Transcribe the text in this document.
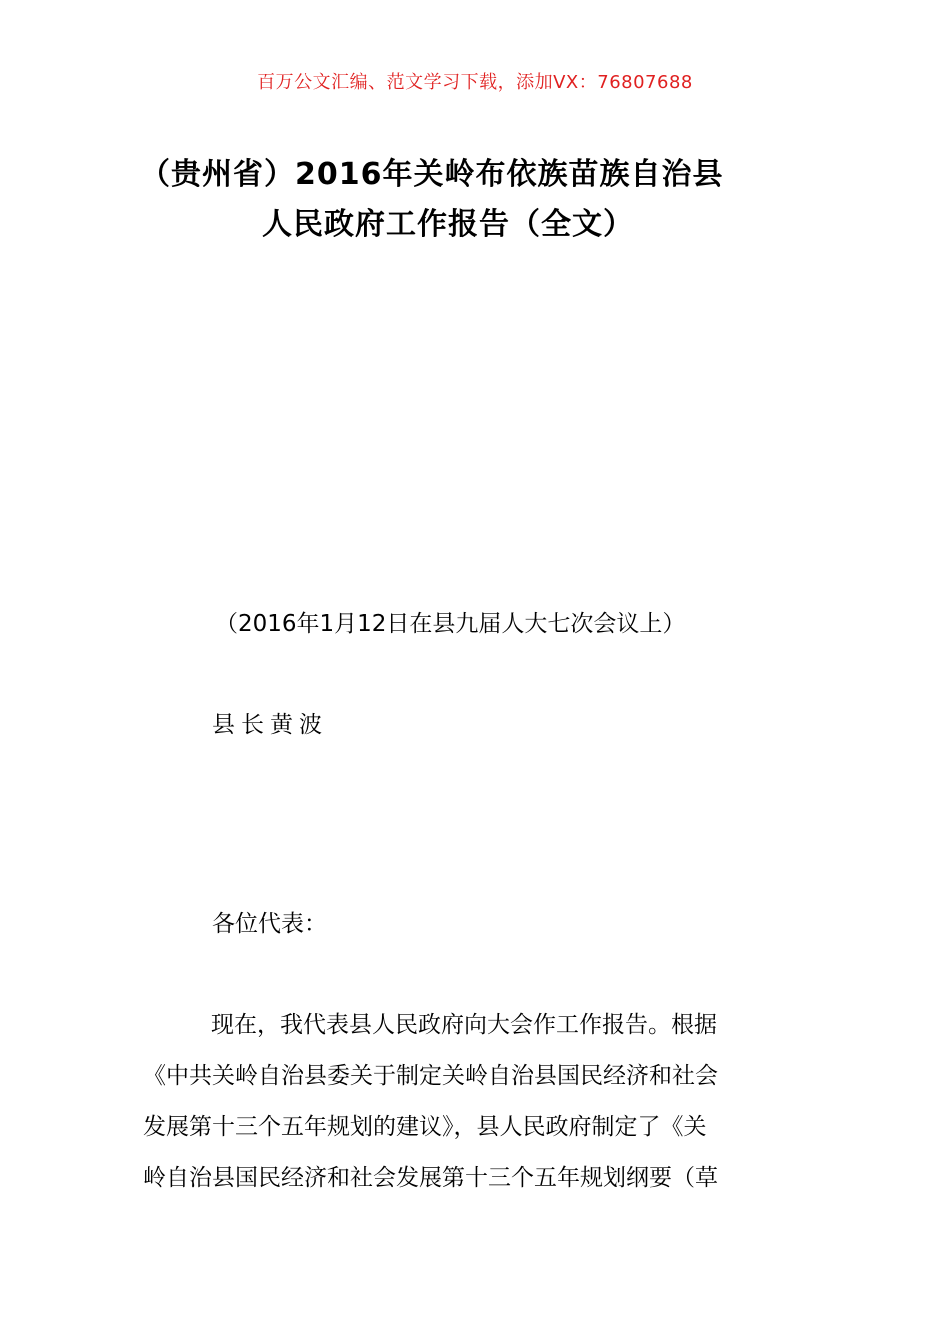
百万公文汇编、范文学习下载，添加VX：76807688
（贵州省）2016年关岭布依族苗族自治县
人民政府工作报告（全文）
（2016年1月12日在县九届人大七次会议上）
县长黄波
各位代表：
现在，我代表县人民政府向大会作工作报告。根据
《中共关岭自治县委关于制定关岭自治县国民经济和社会
发展第十三个五年规划的建议》，县人民政府制定了《关
岭自治县国民经济和社会发展第十三个五年规划纲要（草
